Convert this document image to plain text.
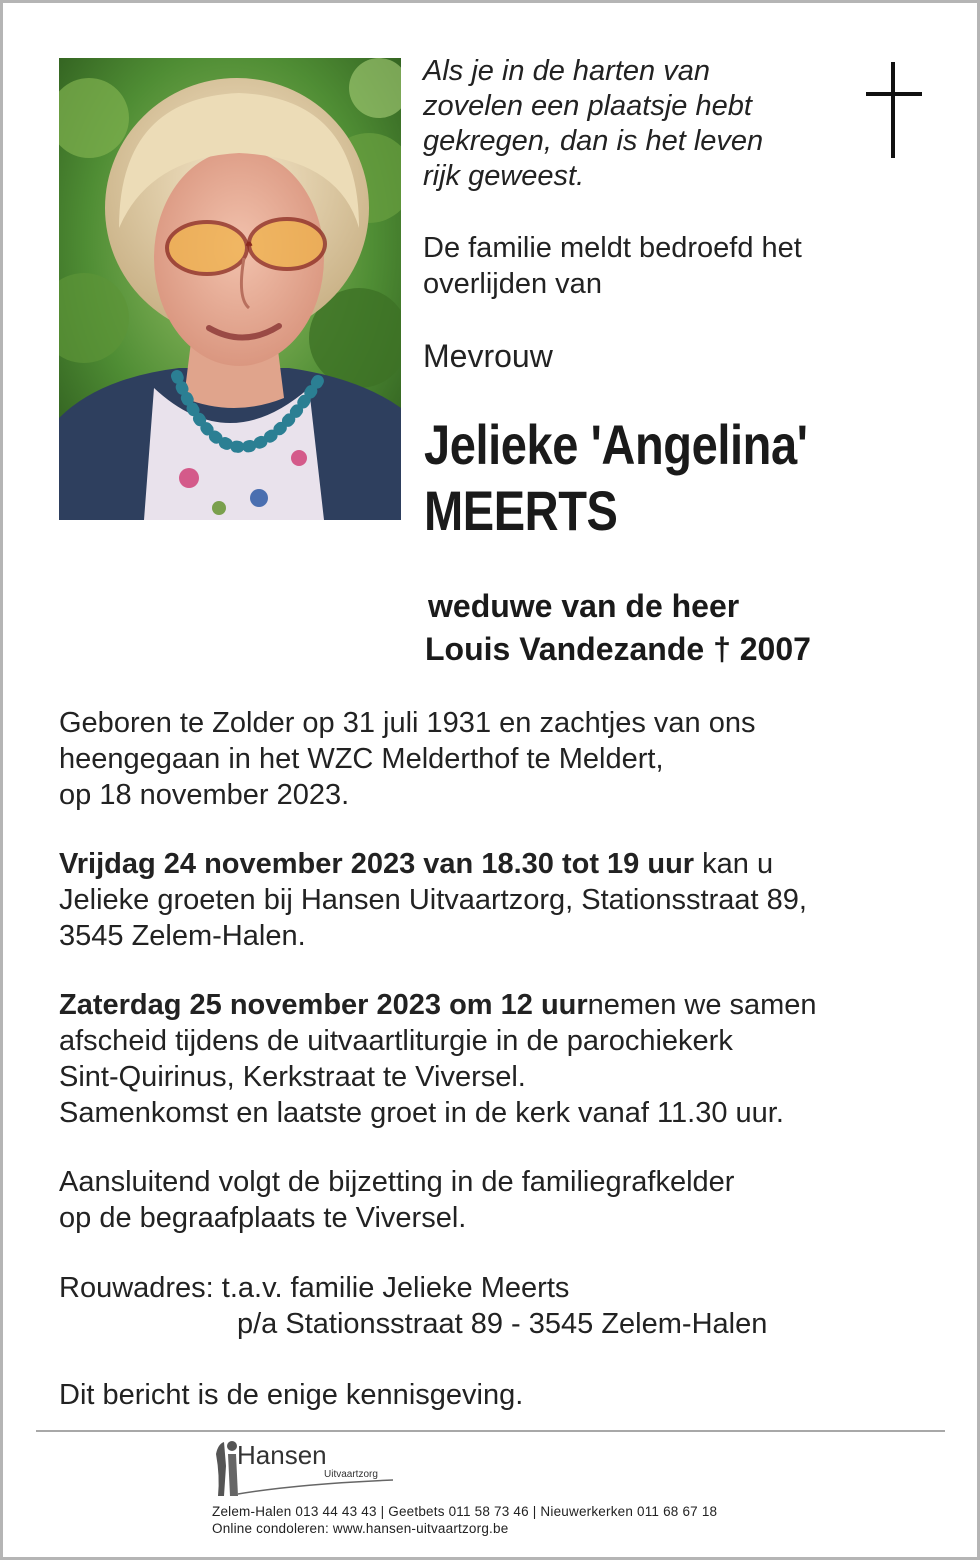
Als je in de harten van
zovelen een plaatsje hebt
gekregen, dan is het leven
rijk geweest.
De familie meldt bedroefd het
overlijden van
Mevrouw
Jelieke 'Angelina'
MEERTS
weduwe van de heer
Louis Vandezande † 2007
Geboren te Zolder op 31 juli 1931 en zachtjes van ons
heengegaan in het WZC Melderthof te Meldert,
op 18 november 2023.
Vrijdag 24 november 2023 van 18.30 tot 19 uur kan u
Jelieke groeten bij Hansen Uitvaartzorg, Stationsstraat 89,
3545 Zelem-Halen.
Zaterdag 25 november 2023 om 12 uurnemen we samen
afscheid tijdens de uitvaartliturgie in de parochiekerk
Sint-Quirinus, Kerkstraat te Viversel.
Samenkomst en laatste groet in de kerk vanaf 11.30 uur.
Aansluitend volgt de bijzetting in de familiegrafkelder
op de begraafplaats te Viversel.
Rouwadres: t.a.v. familie Jelieke Meerts
p/a Stationsstraat 89 - 3545 Zelem-Halen
Dit bericht is de enige kennisgeving.
Hansen
Uitvaartzorg
Zelem-Halen 013 44 43 43 | Geetbets 011 58 73 46 | Nieuwerkerken 011 68 67 18
Online condoleren: www.hansen-uitvaartzorg.be
